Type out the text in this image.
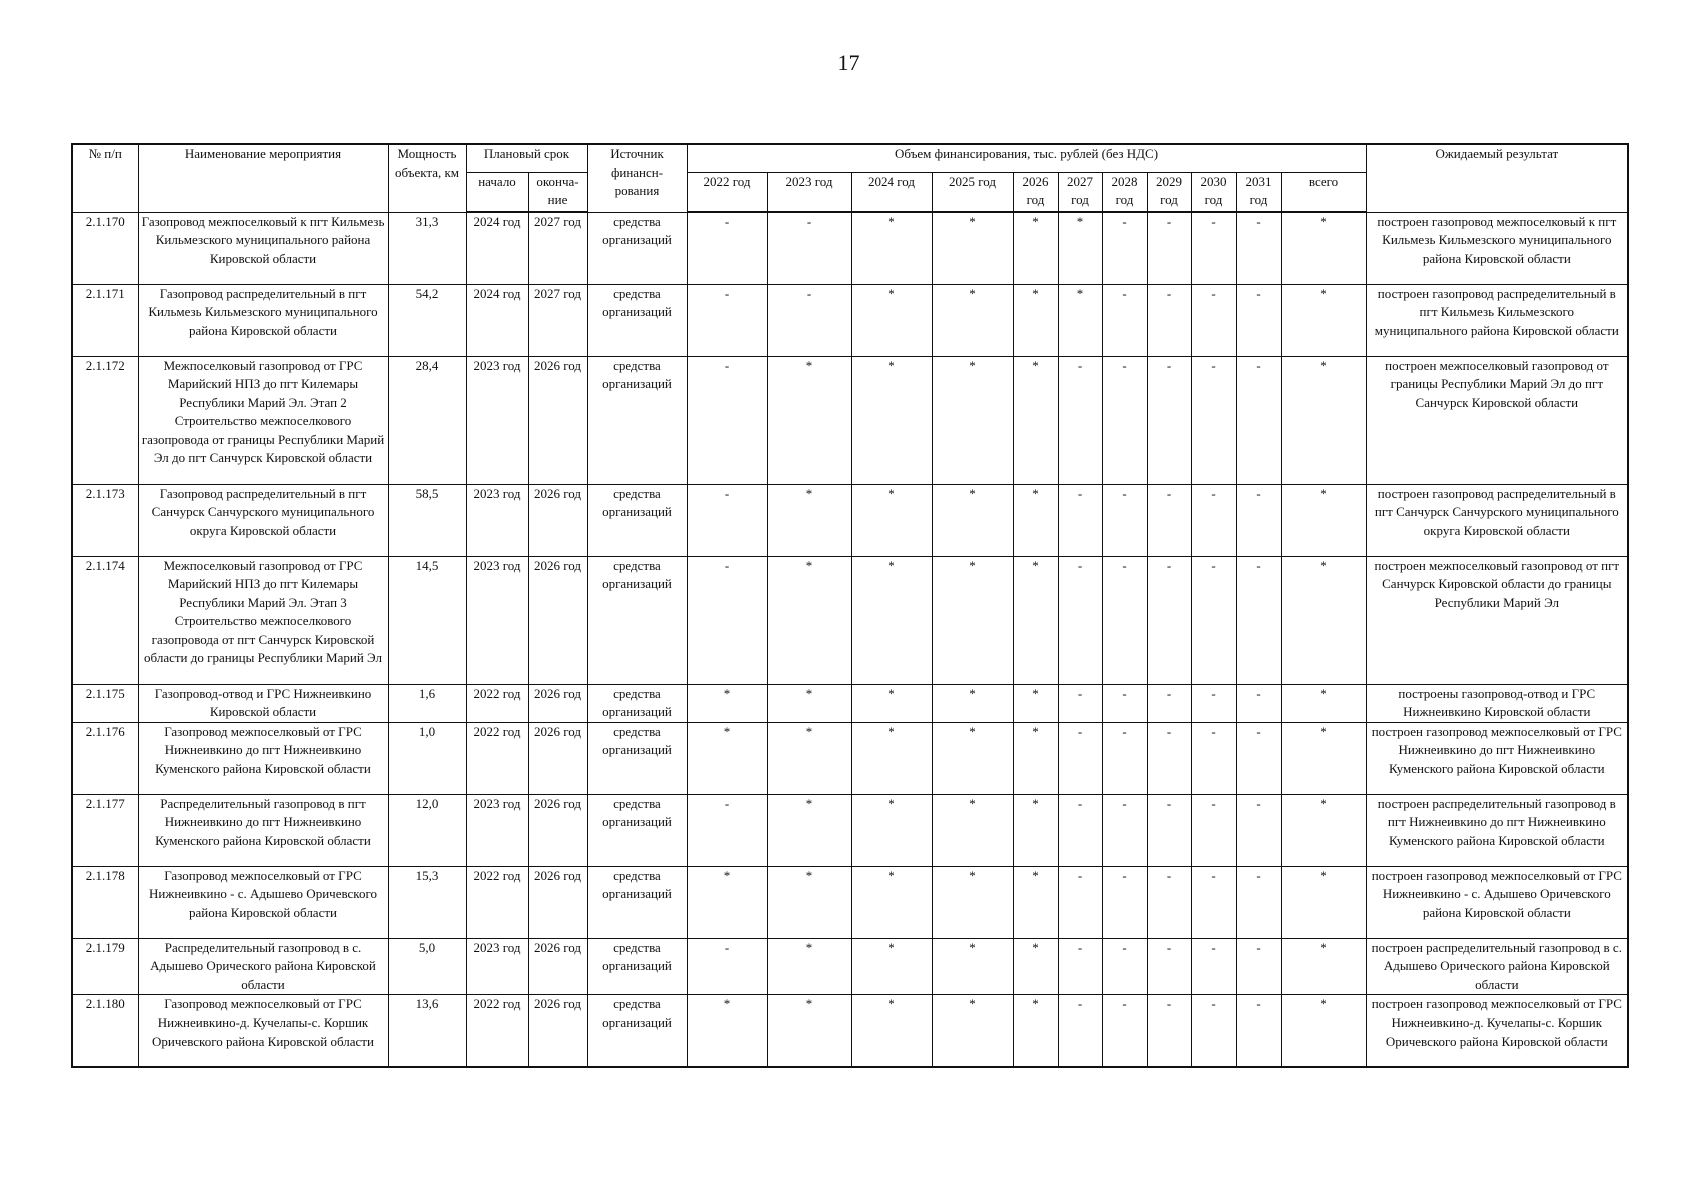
17
№ п/п	Наименование мероприятия	Мощность объекта, км	Плановый срок		Источник финансн-рования	Объем финансирования, тыс. рублей (без НДС)											Ожидаемый результат
			начало	оконча-ние		2022 год	2023 год	2024 год	2025 год	2026 год	2027 год	2028 год	2029 год	2030 год	2031 год	всего	
2.1.170	Газопровод межпоселковый к пгт Кильмезь Кильмезского муниципального района Кировской области	31,3	2024 год	2027 год	средства организаций	-	-	*	*	*	*	-	-	-	-	*	построен газопровод межпоселковый к пгт Кильмезь Кильмезского муниципального района Кировской области
2.1.171	Газопровод распределительный в пгт Кильмезь Кильмезского муниципального района Кировской области	54,2	2024 год	2027 год	средства организаций	-	-	*	*	*	*	-	-	-	-	*	построен газопровод распределительный в пгт Кильмезь Кильмезского муниципального района Кировской области
2.1.172	Межпоселковый газопровод от ГРС Марийский НПЗ до пгт Килемары Республики Марий Эл. Этап 2 Строительство межпоселкового газопровода от границы Республики Марий Эл до пгт Санчурск Кировской области	28,4	2023 год	2026 год	средства организаций	-	*	*	*	*	-	-	-	-	-	*	построен межпоселковый газопровод от границы Республики Марий Эл до пгт Санчурск Кировской области
2.1.173	Газопровод распределительный в пгт Санчурск Санчурского муниципального округа Кировской области	58,5	2023 год	2026 год	средства организаций	-	*	*	*	*	-	-	-	-	-	*	построен газопровод распределительный в пгт Санчурск Санчурского муниципального округа Кировской области
2.1.174	Межпоселковый газопровод от ГРС Марийский НПЗ до пгт Килемары Республики Марий Эл. Этап 3 Строительство межпоселкового газопровода от пгт Санчурск Кировской области до границы Республики Марий Эл	14,5	2023 год	2026 год	средства организаций	-	*	*	*	*	-	-	-	-	-	*	построен межпоселковый газопровод от пгт Санчурск Кировской области до границы Республики Марий Эл
2.1.175	Газопровод-отвод и ГРС Нижнеивкино Кировской области	1,6	2022 год	2026 год	средства организаций	*	*	*	*	*	-	-	-	-	-	*	построены газопровод-отвод и ГРС Нижнеивкино Кировской области
2.1.176	Газопровод межпоселковый от ГРС Нижнеивкино до пгт Нижнеивкино Куменского района Кировской области	1,0	2022 год	2026 год	средства организаций	*	*	*	*	*	-	-	-	-	-	*	построен газопровод межпоселковый от ГРС Нижнеивкино до пгт Нижнеивкино Куменского района Кировской области
2.1.177	Распределительный газопровод в пгт Нижнеивкино до пгт Нижнеивкино Куменского района Кировской области	12,0	2023 год	2026 год	средства организаций	-	*	*	*	*	-	-	-	-	-	*	построен распределительный газопровод в пгт Нижнеивкино до пгт Нижнеивкино Куменского района Кировской области
2.1.178	Газопровод межпоселковый от ГРС Нижнеивкино - с. Адышево Оричевского района Кировской области	15,3	2022 год	2026 год	средства организаций	*	*	*	*	*	-	-	-	-	-	*	построен газопровод межпоселковый от ГРС Нижнеивкино - с. Адышево Оричевского района Кировской области
2.1.179	Распределительный газопровод в с. Адышево Орического района Кировской области	5,0	2023 год	2026 год	средства организаций	-	*	*	*	*	-	-	-	-	-	*	построен распределительный газопровод в с. Адышево Орического района Кировской области
2.1.180	Газопровод межпоселковый от ГРС Нижнеивкино-д. Кучелапы-с. Коршик Оричевского района Кировской области	13,6	2022 год	2026 год	средства организаций	*	*	*	*	*	-	-	-	-	-	*	построен газопровод межпоселковый от ГРС Нижнеивкино-д. Кучелапы-с. Коршик Оричевского района Кировской области
